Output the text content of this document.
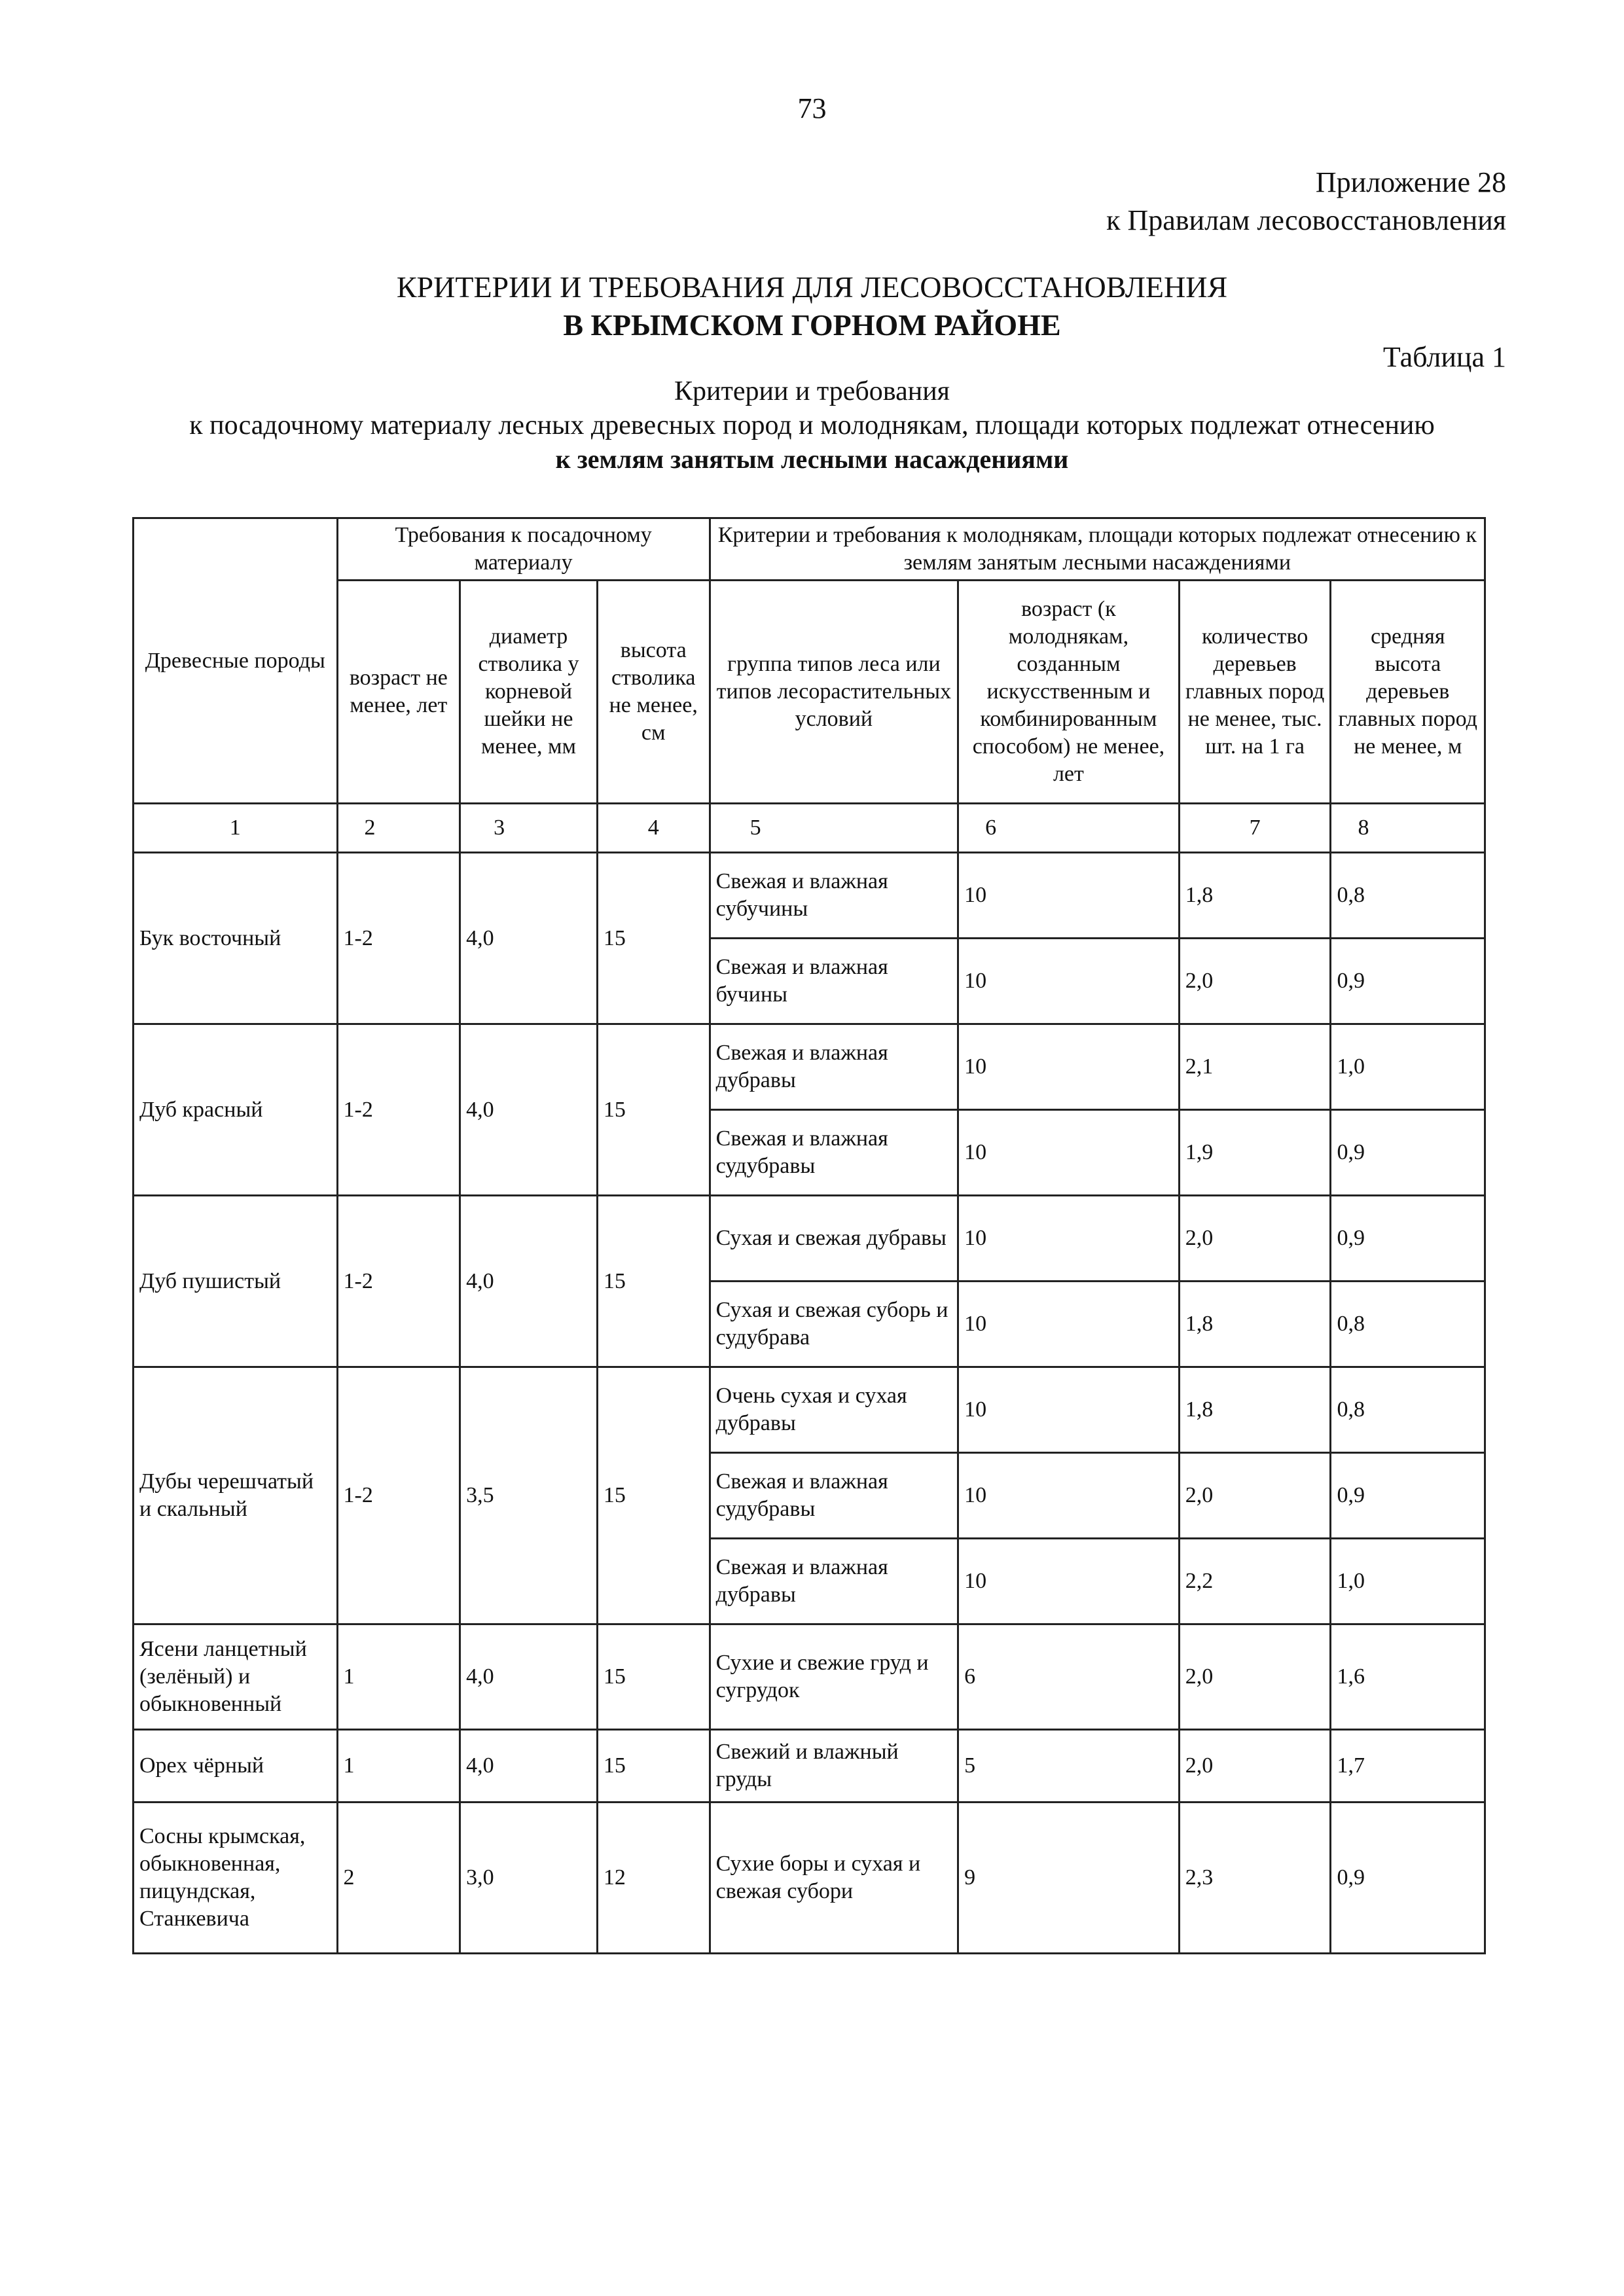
73
Приложение 28
к Правилам лесовосстановления
КРИТЕРИИ И ТРЕБОВАНИЯ ДЛЯ ЛЕСОВОССТАНОВЛЕНИЯ
В КРЫМСКОМ ГОРНОМ РАЙОНЕ
Таблица 1
Критерии и требования
к посадочному материалу лесных древесных пород и молоднякам, площади которых подлежат отнесению
к землям занятым лесными насаждениями
Древесные породы	Требования к посадочному материалу			Критерии и требования к молоднякам, площади которых подлежат отнесению к землям занятым лесными насаждениями			
	возраст не менее, лет	диаметр стволика у корневой шейки не менее, мм	высота стволика не менее, см	группа типов леса или типов лесорастительных условий	возраст (к молоднякам, созданным искусственным и комбинированным способом) не менее, лет	количество деревьев главных пород не менее, тыс. шт. на 1 га	средняя высота деревьев главных пород не менее, м
1	2	3	4	5	6	7	8
Бук восточный	1-2	4,0	15	Свежая и влажная субучины	10	1,8	0,8
				Свежая и влажная бучины	10	2,0	0,9
Дуб красный	1-2	4,0	15	Свежая и влажная дубравы	10	2,1	1,0
				Свежая и влажная судубравы	10	1,9	0,9
Дуб пушистый	1-2	4,0	15	Сухая и свежая дубравы	10	2,0	0,9
				Сухая и свежая суборь и судубрава	10	1,8	0,8
Дубы черешчатый и скальный	1-2	3,5	15	Очень сухая и сухая дубравы	10	1,8	0,8
				Свежая и влажная судубравы	10	2,0	0,9
				Свежая и влажная дубравы	10	2,2	1,0
Ясени ланцетный (зелёный) и обыкновенный	1	4,0	15	Сухие и свежие груд и сугрудок	6	2,0	1,6
Орех чёрный	1	4,0	15	Свежий и влажный груды	5	2,0	1,7
Сосны крымская, обыкновенная, пицундская, Станкевича	2	3,0	12	Сухие боры и сухая и свежая субори	9	2,3	0,9
